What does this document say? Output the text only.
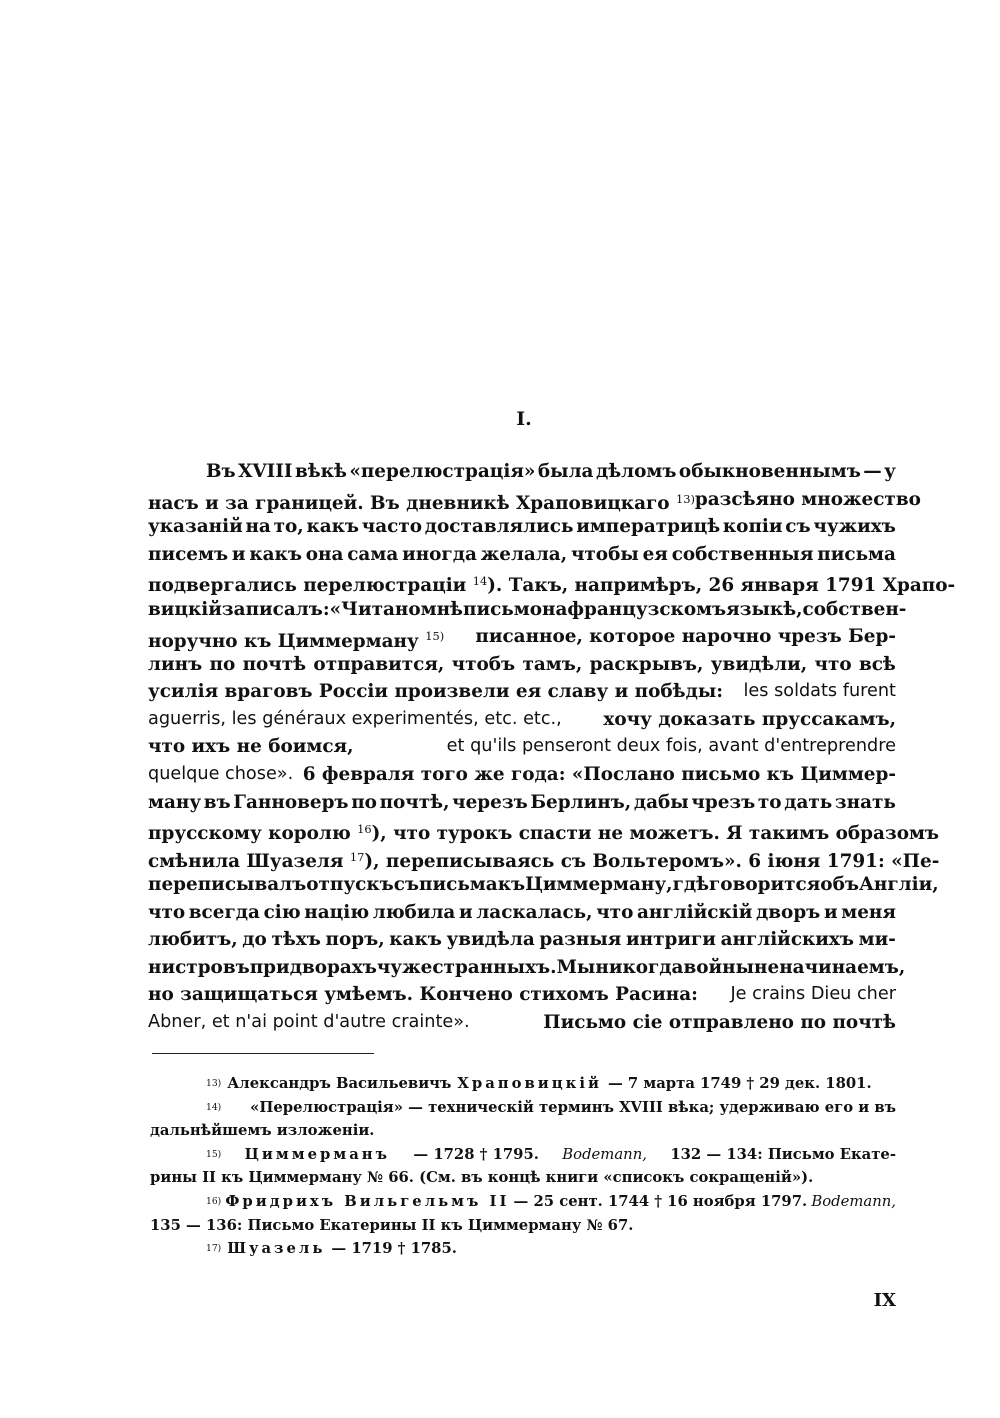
I.
Въ XVIII вѣкѣ «перелюстрація» была дѣломъ обыкновеннымъ — у
насъ и за границей. Въ дневникѣ Храповицкаго $^{13)}$ разсѣяно множество
указаній на то, какъ часто доставлялись императрицѣ копіи съ чужихъ
писемъ и какъ она сама иногда желала, чтобы ея собственныя письма
подвергались перелюстраціи $^{14}$). Такъ, напримѣръ, 26 января 1791 Храпо-
вицкій записалъ: «Читано мнѣ письмо на французскомъ языкѣ, собствен-
норучно къ Циммерману $^{15)}$ писанное, которое нарочно чрезъ Бер-
линъ по почтѣ отправится, чтобъ тамъ, раскрывъ, увидѣли, что всѣ
усилія враговъ Россіи произвели ея славу и побѣды: les soldats furent
aguerris, les généraux experimentés, etc. etc., хочу доказать пруссакамъ,
что ихъ не боимся,	et qu'ils penseront deux fois, avant d'entreprendre
quelque chose». 6 февраля того же года: «Послано письмо къ Циммер-
ману въ Ганноверъ по почтѣ, черезъ Берлинъ, дабы чрезъ то дать знать
прусскому королю $^{16}$), что турокъ спасти не можетъ. Я такимъ образомъ
смѣнила Шуазеля $^{17}$), переписываясь съ Вольтеромъ». 6 іюня 1791: «Пе-
переписывалъ отпускъ съ письма къ Циммерману, гдѣ говорится объ Англіи,
что всегда сію націю любила и ласкалась, что англійскій дворъ и меня
любитъ, до тѣхъ поръ, какъ увидѣла разныя интриги англійскихъ ми-
нистровъ при дворахъ чужестранныхъ. Мы никогда войны не начинаемъ,
но защищаться умѣемъ. Кончено стихомъ Расина: Je crains Dieu cher
Abner, et n'ai point d'autre crainte».	Письмо сіе отправлено по почтѣ
13) Александръ Васильевичъ Храповицкій — 7 марта 1749 † 29 дек. 1801.
14) «Перелюстрація» — техническій терминъ XVIII вѣка; удерживаю его и въ
дальнѣйшемъ изложеніи.
15) Циммерманъ — 1728 † 1795. Bodemann, 132 — 134: Письмо Екате-
рины II къ Циммерману № 66. (См. въ концѣ книги «списокъ сокращеній»).
16) Фридрихъ Вильгельмъ II — 25 сент. 1744 † 16 ноября 1797. Bodemann,
135 — 136: Письмо Екатерины II къ Циммерману № 67.
17) Шуазель — 1719 † 1785.
IX
